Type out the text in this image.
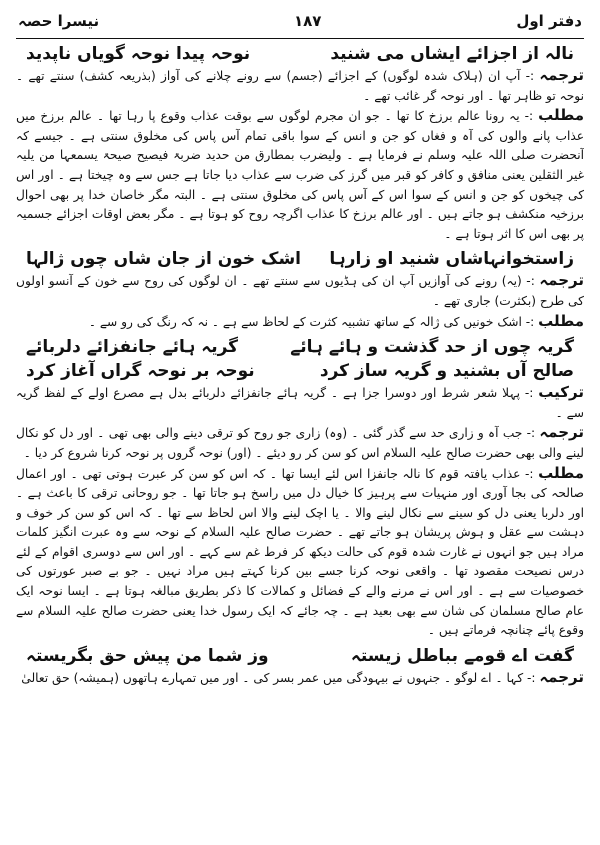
دفتر اول
۱۸۷
نیسرا حصہ
نالہ از اجزائے ایشاں می شنید
نوحہ پیدا نوحہ گویاں ناپدید

ترجمہ :- آپ ان (ہلاک شدہ لوگوں) کے اجزائے (جسم) سے رونے چلانے کی آواز (بذریعہ کشف) سنتے تھے ۔ نوحہ تو ظاہر تھا ۔ اور نوحہ گر غائب تھے ۔

مطلب :- یہ رونا عالم برزخ کا تھا ۔ جو ان مجرم لوگوں سے بوقت عذاب وقوع پا رہا تھا ۔ عالم برزخ میں عذاب پانے والوں کی آہ و فغاں کو جن و انس کے سوا باقی تمام آس پاس کی مخلوق سنتی ہے ۔ جیسے کہ آنحضرت صلی اللہ علیہ وسلم نے فرمایا ہے ۔ ولیضرب بمطارق من حدید ضربۃ فیصیح صیحۃ یسمعہا من یلیہ غیر الثقلین یعنی منافق و کافر کو قبر میں گرز کی ضرب سے عذاب دیا جاتا ہے جس سے وہ چیختا ہے ۔ اور اس کی چیخوں کو جن و انس کے سوا اس کے آس پاس کی مخلوق سنتی ہے ۔ البتہ مگر خاصان خدا پر بھی احوال برزخیہ منکشف ہو جاتے ہیں ۔ اور عالم برزخ کا عذاب اگرچہ روح کو ہوتا ہے ۔ مگر بعض اوقات اجزائے جسمیہ پر بھی اس کا اثر ہوتا ہے ۔

زاستخوانہاشاں شنید او زارہا
اشک خون از جان شاں چوں ژالہا

ترجمہ :- (یہ) رونے کی آوازیں آپ ان کی ہڈیوں سے سنتے تھے ۔ ان لوگوں کی روح سے خون کے آنسو اولوں کی طرح (بکثرت) جاری تھے ۔

مطلب :- اشک خونیں کی ژالہ کے ساتھ تشبیہ کثرت کے لحاظ سے ہے ۔ نہ کہ رنگ کی رو سے ۔

گریہ چوں از حد گذشت و ہائے ہائے
گریہ ہائے جانفزائے دلربائے
صالح آں بشنید و گریہ ساز کرد
نوحہ بر نوحہ گراں آغاز کرد

ترکیب :- پہلا شعر شرط اور دوسرا جزا ہے ۔ گریہ ہائے جانفزائے دلربائے بدل ہے مصرع اولے کے لفظ گریہ سے ۔

ترجمہ :- جب آہ و زاری حد سے گذر گئی ۔ (وہ) زاری جو روح کو ترقی دینے والی بھی تھی ۔ اور دل کو نکال لینے والی بھی حضرت صالح علیہ السلام اس کو سن کر رو دیئے ۔ (اور) نوحہ گروں پر نوحہ کرنا شروع کر دیا ۔

مطلب :- عذاب یافتہ قوم کا نالہ جانفزا اس لئے ایسا تھا ۔ کہ اس کو سن کر عبرت ہوتی تھی ۔ اور اعمال صالحہ کی بجا آوری اور منہیات سے پرہیز کا خیال دل میں راسخ ہو جاتا تھا ۔ جو روحانی ترقی کا باعث ہے ۔ اور دلربا یعنی دل کو سینے سے نکال لینے والا ۔ یا اچک لینے والا اس لحاظ سے تھا ۔ کہ اس کو سن کر خوف و دہشت سے عقل و ہوش پریشان ہو جاتے تھے ۔ حضرت صالح علیہ السلام کے نوحہ سے وہ عبرت انگیز کلمات مراد ہیں جو انہوں نے غارت شدہ قوم کی حالت دیکھ کر فرط غم سے کہے ۔ اور اس سے دوسری اقوام کے لئے درس نصیحت مقصود تھا ۔ واقعی نوحہ کرنا جسے بین کرنا کہتے ہیں مراد نہیں ۔ جو بے صبر عورتوں کی خصوصیات سے ہے ۔ اور اس نے مرنے والے کے فضائل و کمالات کا ذکر بطریق مبالغہ ہوتا ہے ۔ ایسا نوحہ ایک عام صالح مسلمان کی شان سے بھی بعید ہے ۔ چہ جائے کہ ایک رسول خدا یعنی حضرت صالح علیہ السلام سے وقوع پائے چنانچہ فرماتے ہیں ۔

گفت اے قومے بباطل زیستہ
وز شما من پیش حق بگریستہ

ترجمہ :- کہا ۔ اے لوگو ۔ جنہوں نے بیہودگی میں عمر بسر کی ۔ اور میں تمہارے ہاتھوں (ہمیشہ) حق تعالیٰ
